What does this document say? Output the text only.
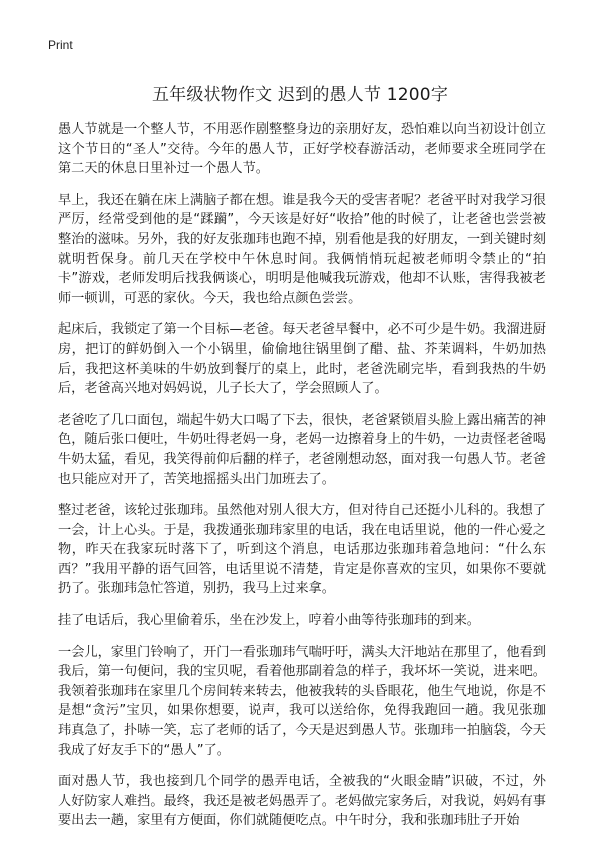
Print
五年级状物作文 迟到的愚人节 1200字

愚人节就是一个整人节，不用恶作剧整整身边的亲朋好友，恐怕难以向当初设计创立这个节日的“圣人”交待。今年的愚人节，正好学校春游活动，老师要求全班同学在第二天的休息日里补过一个愚人节。

早上，我还在躺在床上满脑子都在想。谁是我今天的受害者呢？老爸平时对我学习很严厉，经常受到他的是“蹂躏”，今天该是好好“收拾”他的时候了，让老爸也尝尝被整治的滋味。另外，我的好友张珈玮也跑不掉，别看他是我的好朋友，一到关键时刻就明哲保身。前几天在学校中午休息时间。我俩悄悄玩起被老师明令禁止的“拍卡”游戏，老师发明后找我俩谈心，明明是他喊我玩游戏，他却不认账，害得我被老师一顿训，可恶的家伙。今天，我也给点颜色尝尝。

起床后，我锁定了第一个目标—老爸。每天老爸早餐中，必不可少是牛奶。我溜进厨房，把订的鲜奶倒入一个小锅里，偷偷地往锅里倒了醋、盐、芥茉调料，牛奶加热后，我把这杯美味的牛奶放到餐厅的桌上，此时，老爸洗刷完毕，看到我热的牛奶后，老爸高兴地对妈妈说，儿子长大了，学会照顾人了。

老爸吃了几口面包，端起牛奶大口喝了下去，很快，老爸紧锁眉头脸上露出痛苦的神色，随后张口便吐，牛奶吐得老妈一身，老妈一边擦着身上的牛奶，一边责怪老爸喝牛奶太猛，看见，我笑得前仰后翻的样子，老爸刚想动怒，面对我一句愚人节。老爸也只能应对开了，苦笑地摇摇头出门加班去了。

整过老爸，该轮过张珈玮。虽然他对别人很大方，但对待自己还挺小儿科的。我想了一会，计上心头。于是，我拨通张珈玮家里的电话，我在电话里说，他的一件心爱之物，昨天在我家玩时落下了，听到这个消息，电话那边张珈玮着急地问：“什么东西？”我用平静的语气回答，电话里说不清楚，肯定是你喜欢的宝贝，如果你不要就扔了。张珈玮急忙答道，别扔，我马上过来拿。

挂了电话后，我心里偷着乐，坐在沙发上，哼着小曲等待张珈玮的到来。

一会儿，家里门铃响了，开门一看张珈玮气喘吁吁，满头大汗地站在那里了，他看到我后，第一句便问，我的宝贝呢，看着他那副着急的样子，我坏坏一笑说，进来吧。我领着张珈玮在家里几个房间转来转去，他被我转的头昏眼花，他生气地说，你是不是想“贪污”宝贝，如果你想要，说声，我可以送给你，免得我跑回一趟。我见张珈玮真急了，扑哧一笑，忘了老师的话了，今天是迟到愚人节。张珈玮一拍脑袋，今天我成了好友手下的“愚人”了。

面对愚人节，我也接到几个同学的愚弄电话，全被我的“火眼金睛”识破，不过，外人好防家人难挡。最终，我还是被老妈愚弄了。老妈做完家务后，对我说，妈妈有事要出去一趟，家里有方便面，你们就随便吃点。中午时分，我和张珈玮肚子开始
